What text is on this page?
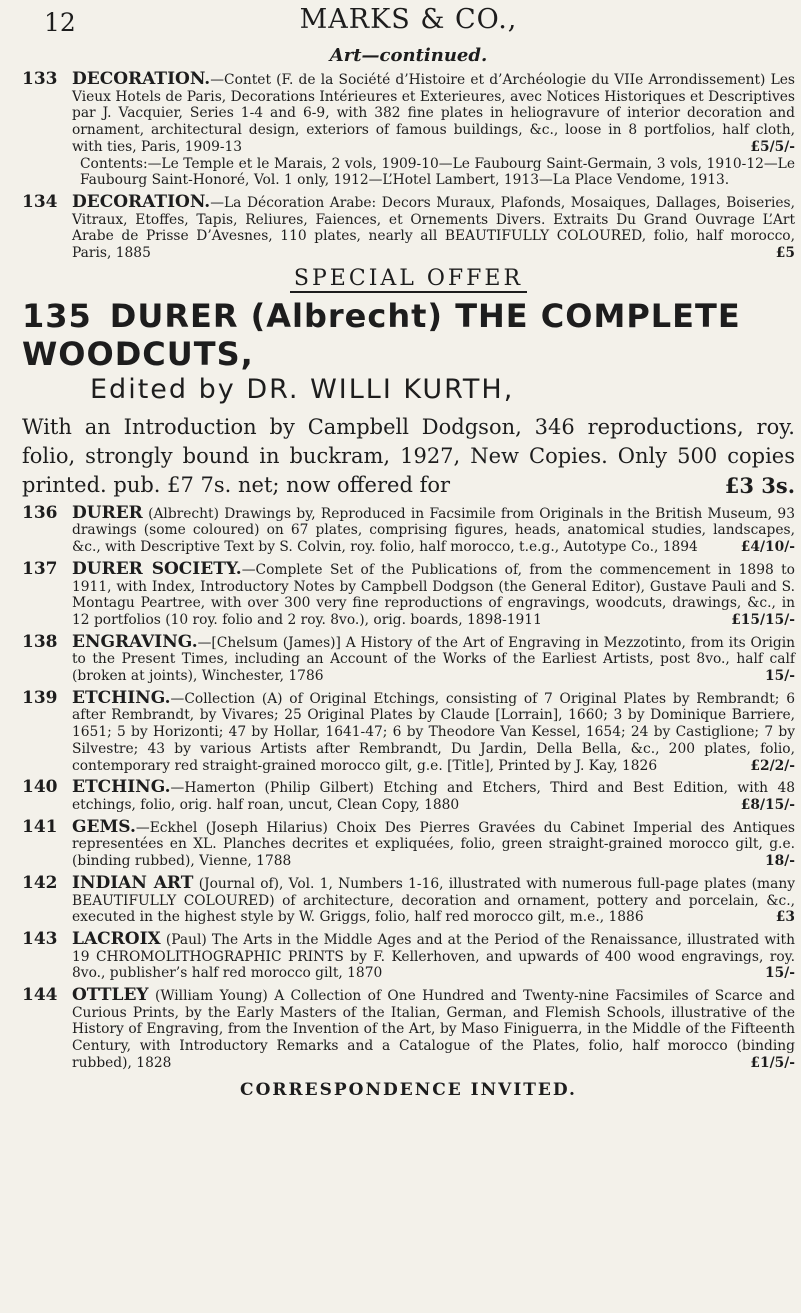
12	MARKS & CO.,
Art—continued.
133 DECORATION.—Contet (F. de la Société d’Histoire et d’Archéologie du VIIe Arrondissement) Les Vieux Hotels de Paris, Decorations Intérieures et Exterieures, avec Notices Historiques et Descriptives par J. Vacquier, Series 1-4 and 6-9, with 382 fine plates in heliogravure of interior decoration and ornament, architectural design, exteriors of famous buildings, &c., loose in 8 portfolios, half cloth, with ties, Paris, 1909-13	£5/5/-
Contents:—Le Temple et le Marais, 2 vols, 1909-10—Le Faubourg Saint-Germain, 3 vols, 1910-12—Le Faubourg Saint-Honoré, Vol. 1 only, 1912—L’Hotel Lambert, 1913—La Place Vendome, 1913.
134 DECORATION.—La Décoration Arabe: Decors Muraux, Plafonds, Mosaiques, Dallages, Boiseries, Vitraux, Etoffes, Tapis, Reliures, Faiences, et Ornements Divers. Extraits Du Grand Ouvrage L’Art Arabe de Prisse D’Avesnes, 110 plates, nearly all BEAUTIFULLY COLOURED, folio, half morocco, Paris, 1885	£5
SPECIAL OFFER
135 DURER (Albrecht) THE COMPLETE WOODCUTS,
Edited by DR. WILLI KURTH,
With an Introduction by Campbell Dodgson, 346 reproductions, roy. folio, strongly bound in buckram, 1927, New Copies. Only 500 copies printed. pub. £7 7s. net; now offered for	£3 3s.
136 DURER (Albrecht) Drawings by, Reproduced in Facsimile from Originals in the British Museum, 93 drawings (some coloured) on 67 plates, comprising figures, heads, anatomical studies, landscapes, &c., with Descriptive Text by S. Colvin, roy. folio, half morocco, t.e.g., Autotype Co., 1894	£4/10/-
137 DURER SOCIETY.—Complete Set of the Publications of, from the commencement in 1898 to 1911, with Index, Introductory Notes by Campbell Dodgson (the General Editor), Gustave Pauli and S. Montagu Peartree, with over 300 very fine reproductions of engravings, woodcuts, drawings, &c., in 12 portfolios (10 roy. folio and 2 roy. 8vo.), orig. boards, 1898-1911	£15/15/-
138 ENGRAVING.—[Chelsum (James)] A History of the Art of Engraving in Mezzotinto, from its Origin to the Present Times, including an Account of the Works of the Earliest Artists, post 8vo., half calf (broken at joints), Winchester, 1786	15/-
139 ETCHING.—Collection (A) of Original Etchings, consisting of 7 Original Plates by Rembrandt; 6 after Rembrandt, by Vivares; 25 Original Plates by Claude [Lorrain], 1660; 3 by Dominique Barriere, 1651; 5 by Horizonti; 47 by Hollar, 1641-47; 6 by Theodore Van Kessel, 1654; 24 by Castiglione; 7 by Silvestre; 43 by various Artists after Rembrandt, Du Jardin, Della Bella, &c., 200 plates, folio, contemporary red straight-grained morocco gilt, g.e. [Title], Printed by J. Kay, 1826	£2/2/-
140 ETCHING.—Hamerton (Philip Gilbert) Etching and Etchers, Third and Best Edition, with 48 etchings, folio, orig. half roan, uncut, Clean Copy, 1880	£8/15/-
141 GEMS.—Eckhel (Joseph Hilarius) Choix Des Pierres Gravées du Cabinet Imperial des Antiques representées en XL. Planches decrites et expliquées, folio, green straight-grained morocco gilt, g.e. (binding rubbed), Vienne, 1788	18/-
142 INDIAN ART (Journal of), Vol. 1, Numbers 1-16, illustrated with numerous full-page plates (many BEAUTIFULLY COLOURED) of architecture, decoration and ornament, pottery and porcelain, &c., executed in the highest style by W. Griggs, folio, half red morocco gilt, m.e., 1886	£3
143 LACROIX (Paul) The Arts in the Middle Ages and at the Period of the Renaissance, illustrated with 19 CHROMOLITHOGRAPHIC PRINTS by F. Kellerhoven, and upwards of 400 wood engravings, roy. 8vo., publisher’s half red morocco gilt, 1870	15/-
144 OTTLEY (William Young) A Collection of One Hundred and Twenty-nine Facsimiles of Scarce and Curious Prints, by the Early Masters of the Italian, German, and Flemish Schools, illustrative of the History of Engraving, from the Invention of the Art, by Maso Finiguerra, in the Middle of the Fifteenth Century, with Introductory Remarks and a Catalogue of the Plates, folio, half morocco (binding rubbed), 1828	£1/5/-
CORRESPONDENCE INVITED.
